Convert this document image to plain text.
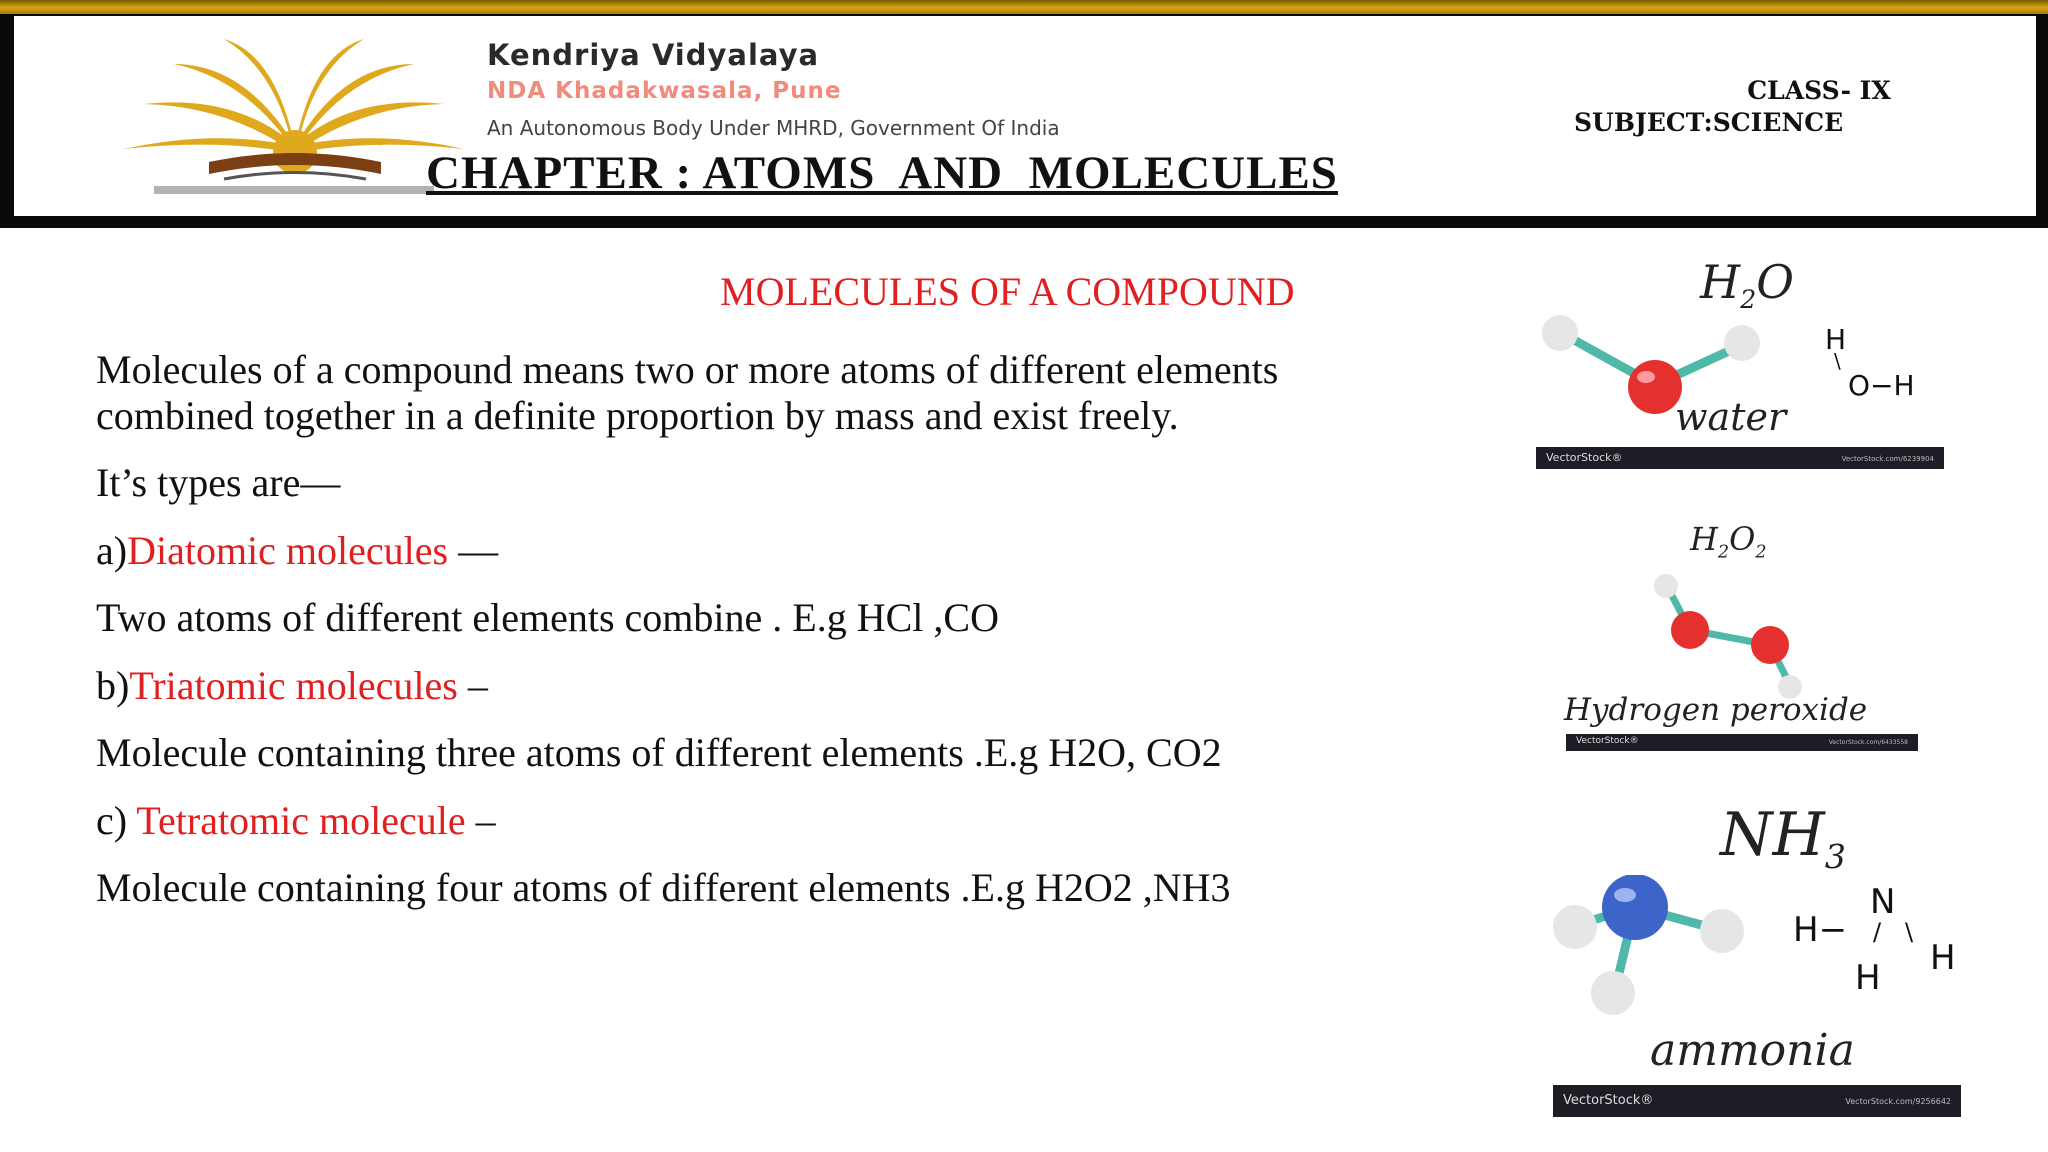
Kendriya Vidyalaya
NDA Khadakwasala, Pune
An Autonomous Body Under MHRD, Government Of India
CHAPTER : ATOMS  AND  MOLECULES
CLASS- IX
SUBJECT:SCIENCE
MOLECULES OF A COMPOUND
Molecules of a compound means two or more atoms of different elements
combined together in a definite proportion by mass and exist freely.
It’s types are—
a)Diatomic molecules —
Two atoms of different elements combine . E.g HCl ,CO
b)Triatomic molecules –
Molecule containing three atoms of different elements .E.g H2O, CO2
c) Tetratomic molecule –
Molecule containing four atoms of different elements .E.g H2O2 ,NH3
$H_2O$
H
\
O−H
water
VectorStock®	VectorStock.com/6239904
$H_2O_2$
Hydrogen peroxide
VectorStock®	VectorStock.com/6433558
$NH_3$
N
H− / \
H
H
ammonia
VectorStock®	VectorStock.com/9256642
